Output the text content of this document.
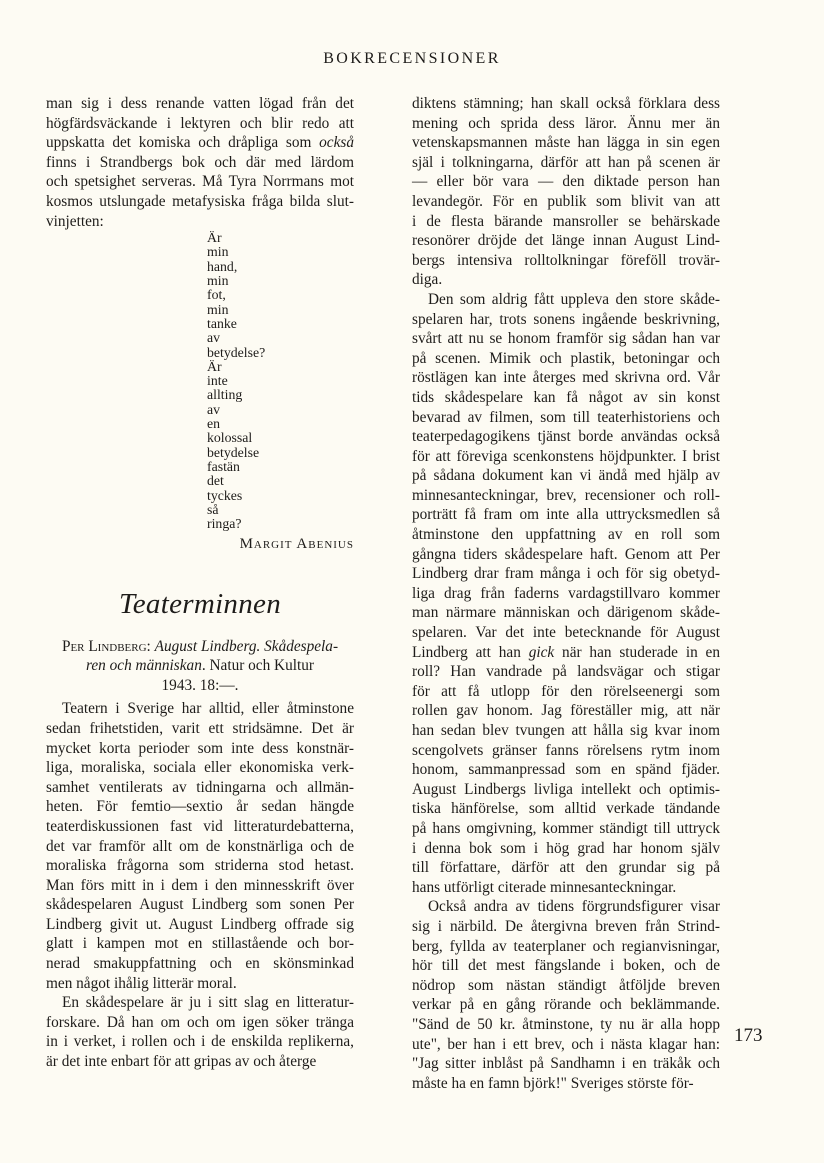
BOKRECENSIONER
man sig i dess renande vatten lögad från det
högfärdsväckande i lektyren och blir redo att
uppskatta det komiska och dråpliga som också
finns i Strandbergs bok och där med lärdom
och spetsighet serveras. Må Tyra Norrmans mot
kosmos utslungade metafysiska fråga bilda slut-
vinjetten:
Är
min
hand,
min
fot,
min
tanke
av
betydelse?
Är
inte
allting
av
en
kolossal
betydelse
fastän
det
tyckes
så
ringa?
Margit Abenius
Teaterminnen
Per Lindberg: August Lindberg. Skådespela-
ren och människan. Natur och Kultur
1943. 18:—.
Teatern i Sverige har alltid, eller åtminstone
sedan frihetstiden, varit ett stridsämne. Det är
mycket korta perioder som inte dess konstnär-
liga, moraliska, sociala eller ekonomiska verk-
samhet ventilerats av tidningarna och allmän-
heten. För femtio—sextio år sedan hängde
teaterdiskussionen fast vid litteraturdebatterna,
det var framför allt om de konstnärliga och de
moraliska frågorna som striderna stod hetast.
Man förs mitt in i dem i den minnesskrift över
skådespelaren August Lindberg som sonen Per
Lindberg givit ut. August Lindberg offrade sig
glatt i kampen mot en stillastående och bor-
nerad smakuppfattning och en skönsminkad
men något ihålig litterär moral.
En skådespelare är ju i sitt slag en litteratur-
forskare. Då han om och om igen söker tränga
in i verket, i rollen och i de enskilda replikerna,
är det inte enbart för att gripas av och återge
diktens stämning; han skall också förklara dess
mening och sprida dess läror. Ännu mer än
vetenskapsmannen måste han lägga in sin egen
själ i tolkningarna, därför att han på scenen är
— eller bör vara — den diktade person han
levandegör. För en publik som blivit van att
i de flesta bärande mansroller se behärskade
resonörer dröjde det länge innan August Lind-
bergs intensiva rolltolkningar föreföll trovär-
diga.
Den som aldrig fått uppleva den store skåde-
spelaren har, trots sonens ingående beskrivning,
svårt att nu se honom framför sig sådan han var
på scenen. Mimik och plastik, betoningar och
röstlägen kan inte återges med skrivna ord. Vår
tids skådespelare kan få något av sin konst
bevarad av filmen, som till teaterhistoriens och
teaterpedagogikens tjänst borde användas också
för att föreviga scenkonstens höjdpunkter. I brist
på sådana dokument kan vi ändå med hjälp av
minnesanteckningar, brev, recensioner och roll-
porträtt få fram om inte alla uttrycksmedlen så
åtminstone den uppfattning av en roll som
gångna tiders skådespelare haft. Genom att Per
Lindberg drar fram många i och för sig obetyd-
liga drag från faderns vardagstillvaro kommer
man närmare människan och därigenom skåde-
spelaren. Var det inte betecknande för August
Lindberg att han gick när han studerade in en
roll? Han vandrade på landsvägar och stigar
för att få utlopp för den rörelseenergi som
rollen gav honom. Jag föreställer mig, att när
han sedan blev tvungen att hålla sig kvar inom
scengolvets gränser fanns rörelsens rytm inom
honom, sammanpressad som en spänd fjäder.
August Lindbergs livliga intellekt och optimis-
tiska hänförelse, som alltid verkade tändande
på hans omgivning, kommer ständigt till uttryck
i denna bok som i hög grad har honom själv
till författare, därför att den grundar sig på
hans utförligt citerade minnesanteckningar.
Också andra av tidens förgrundsfigurer visar
sig i närbild. De återgivna breven från Strind-
berg, fyllda av teaterplaner och regianvisningar,
hör till det mest fängslande i boken, och de
nödrop som nästan ständigt åtföljde breven
verkar på en gång rörande och beklämmande.
"Sänd de 50 kr. åtminstone, ty nu är alla hopp
ute", ber han i ett brev, och i nästa klagar han:
"Jag sitter inblåst på Sandhamn i en träkåk och
måste ha en famn björk!" Sveriges störste för-
173
